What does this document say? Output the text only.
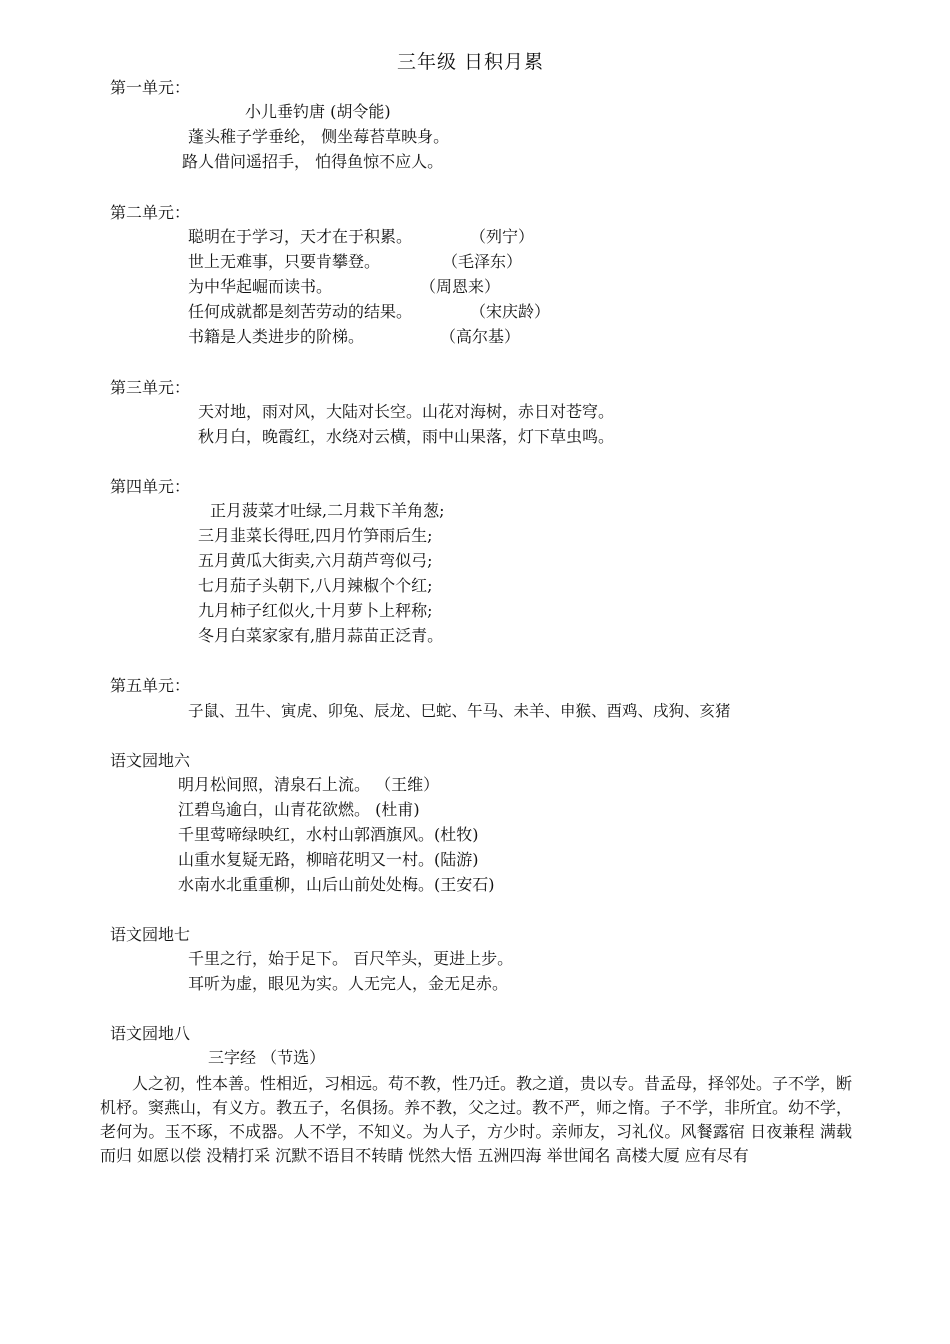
三年级 日积月累
第一单元：
小儿垂钓唐 (胡令能)
蓬头稚子学垂纶， 侧坐莓苔草映身。
路人借问遥招手， 怕得鱼惊不应人。
第二单元：
聪明在于学习，天才在于积累。	（列宁）
世上无难事，只要肯攀登。	（毛泽东）
为中华起崛而读书。	（周恩来）
任何成就都是刻苦劳动的结果。	（宋庆龄）
书籍是人类进步的阶梯。	（高尔基）
第三单元：
天对地，雨对风，大陆对长空。山花对海树，赤日对苍穹。
秋月白，晚霞红，水绕对云横，雨中山果落，灯下草虫鸣。
第四单元：
正月菠菜才吐绿,二月栽下羊角葱;
三月韭菜长得旺,四月竹笋雨后生;
五月黄瓜大街卖,六月葫芦弯似弓;
七月茄子头朝下,八月辣椒个个红;
九月柿子红似火,十月萝卜上秤称;
冬月白菜家家有,腊月蒜苗正泛青。
第五单元：
子鼠、丑牛、寅虎、卯兔、辰龙、巳蛇、午马、未羊、申猴、酉鸡、戌狗、亥猪
语文园地六
明月松间照，清泉石上流。 （王维）
江碧鸟逾白，山青花欲燃。 (杜甫)
千里莺啼绿映红，水村山郭酒旗风。(杜牧)
山重水复疑无路，柳暗花明又一村。(陆游)
水南水北重重柳，山后山前处处梅。(王安石)
语文园地七
千里之行，始于足下。 百尺竿头，更进上步。
耳听为虚，眼见为实。人无完人，金无足赤。
语文园地八
三字经 （节选）
人之初，性本善。性相近，习相远。苟不教，性乃迁。教之道，贵以专。昔孟母，择邻处。子不学，断机杼。窦燕山，有义方。教五子，名俱扬。养不教，父之过。教不严，师之惰。子不学，非所宜。幼不学，老何为。玉不琢，不成器。人不学，不知义。为人子，方少时。亲师友，习礼仪。风餐露宿 日夜兼程 满载而归 如愿以偿 没精打采 沉默不语目不转睛 恍然大悟 五洲四海 举世闻名 高楼大厦 应有尽有
